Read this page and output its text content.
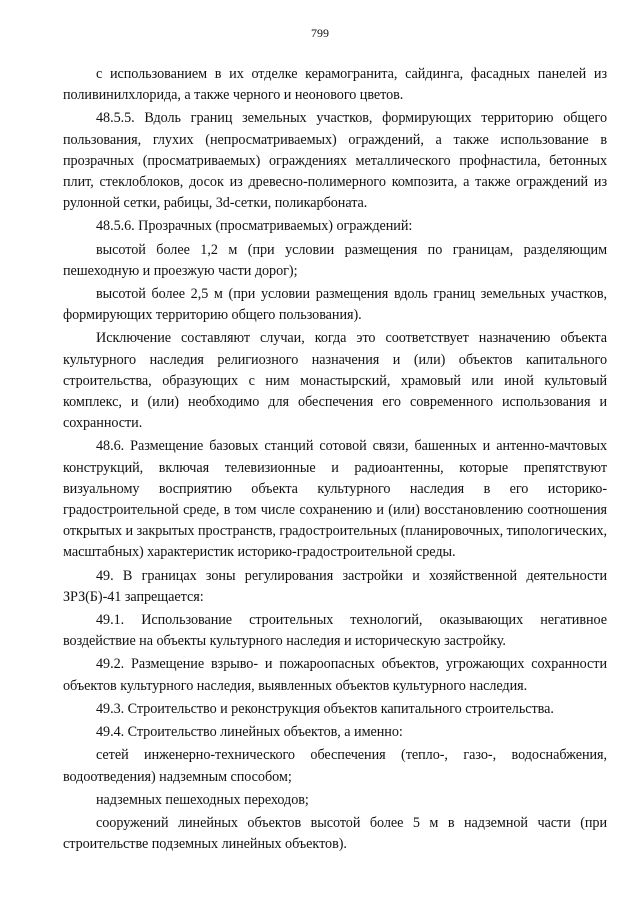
799

с использованием в их отделке керамогранита, сайдинга, фасадных панелей из поливинилхлорида, а также черного и неонового цветов.

48.5.5. Вдоль границ земельных участков, формирующих территорию общего пользования, глухих (непросматриваемых) ограждений, а также использование в прозрачных (просматриваемых) ограждениях металлического профнастила, бетонных плит, стеклоблоков, досок из древесно-полимерного композита, а также ограждений из рулонной сетки, рабицы, 3d-сетки, поликарбоната.

48.5.6. Прозрачных (просматриваемых) ограждений:

высотой более 1,2 м (при условии размещения по границам, разделяющим пешеходную и проезжую части дорог);

высотой более 2,5 м (при условии размещения вдоль границ земельных участков, формирующих территорию общего пользования).

Исключение составляют случаи, когда это соответствует назначению объекта культурного наследия религиозного назначения и (или) объектов капитального строительства, образующих с ним монастырский, храмовый или иной культовый комплекс, и (или) необходимо для обеспечения его современного использования и сохранности.

48.6. Размещение базовых станций сотовой связи, башенных и антенно-мачтовых конструкций, включая телевизионные и радиоантенны, которые препятствуют визуальному восприятию объекта культурного наследия в его историко-градостроительной среде, в том числе сохранению и (или) восстановлению соотношения открытых и закрытых пространств, градостроительных (планировочных, типологических, масштабных) характеристик историко-градостроительной среды.

49. В границах зоны регулирования застройки и хозяйственной деятельности ЗРЗ(Б)-41 запрещается:

49.1. Использование строительных технологий, оказывающих негативное воздействие на объекты культурного наследия и историческую застройку.

49.2. Размещение взрыво- и пожароопасных объектов, угрожающих сохранности объектов культурного наследия, выявленных объектов культурного наследия.

49.3. Строительство и реконструкция объектов капитального строительства.

49.4. Строительство линейных объектов, а именно:

сетей инженерно-технического обеспечения (тепло-, газо-, водоснабжения, водоотведения) надземным способом;

надземных пешеходных переходов;

сооружений линейных объектов высотой более 5 м в надземной части (при строительстве подземных линейных объектов).
